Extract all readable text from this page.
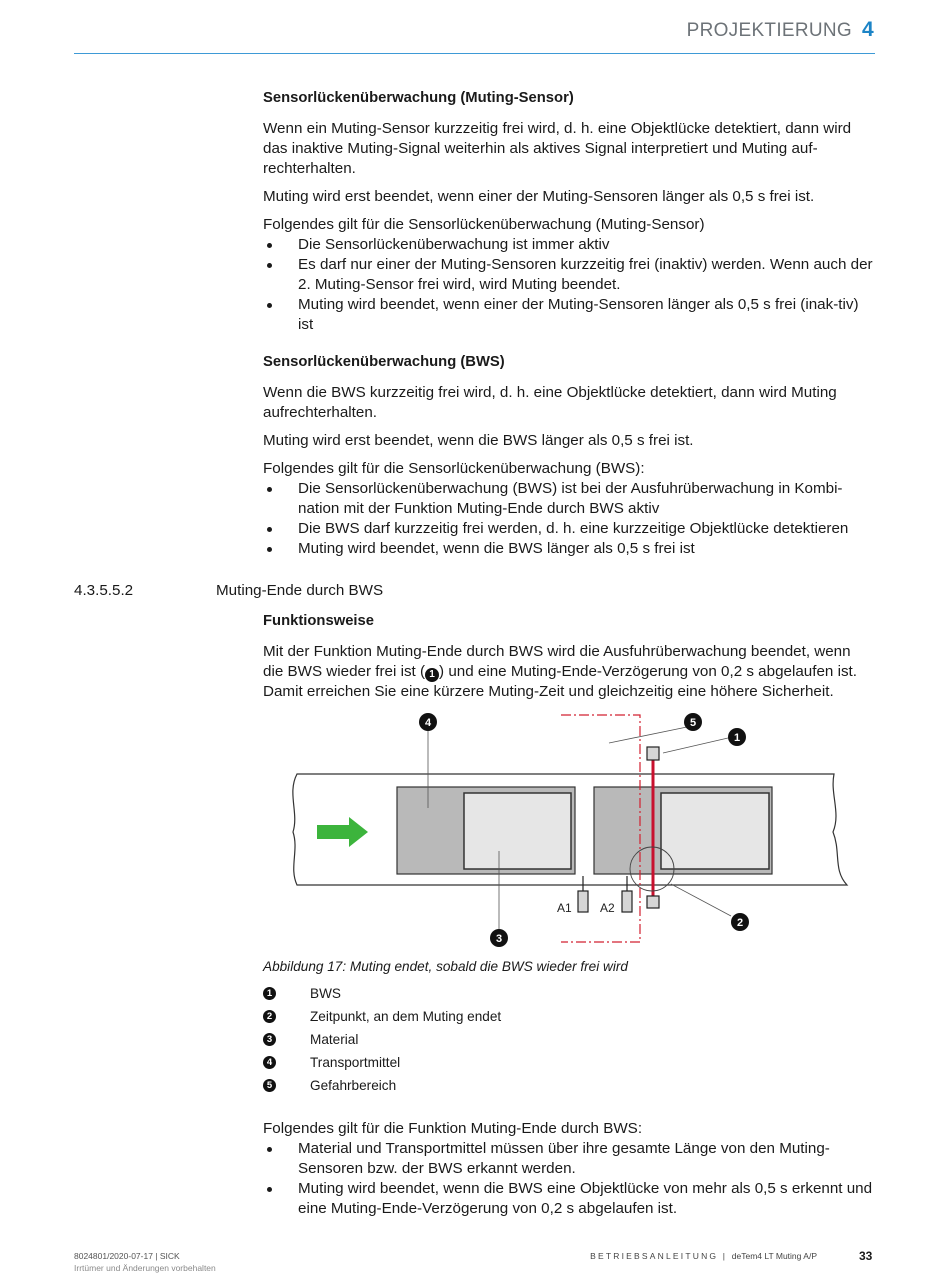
PROJEKTIERUNG 4

Sensorlückenüberwachung (Muting-Sensor)

Wenn ein Muting-Sensor kurzzeitig frei wird, d. h. eine Objektlücke detektiert, dann wird das inaktive Muting-Signal weiterhin als aktives Signal interpretiert und Muting auf-rechterhalten.

Muting wird erst beendet, wenn einer der Muting-Sensoren länger als 0,5 s frei ist.

Folgendes gilt für die Sensorlückenüberwachung (Muting-Sensor)

Die Sensorlückenüberwachung ist immer aktiv
Es darf nur einer der Muting-Sensoren kurzzeitig frei (inaktiv) werden. Wenn auch der 2. Muting-Sensor frei wird, wird Muting beendet.
Muting wird beendet, wenn einer der Muting-Sensoren länger als 0,5 s frei (inak-tiv) ist

Sensorlückenüberwachung (BWS)

Wenn die BWS kurzzeitig frei wird, d. h. eine Objektlücke detektiert, dann wird Muting aufrechterhalten.

Muting wird erst beendet, wenn die BWS länger als 0,5 s frei ist.

Folgendes gilt für die Sensorlückenüberwachung (BWS):

Die Sensorlückenüberwachung (BWS) ist bei der Ausfuhrüberwachung in Kombi-nation mit der Funktion Muting-Ende durch BWS aktiv
Die BWS darf kurzzeitig frei werden, d. h. eine kurzzeitige Objektlücke detektieren
Muting wird beendet, wenn die BWS länger als 0,5 s frei ist
4.3.5.5.2	Muting-Ende durch BWS

Funktionsweise

Mit der Funktion Muting-Ende durch BWS wird die Ausfuhrüberwachung beendet, wenn die BWS wieder frei ist ( 1 ) und eine Muting-Ende-Verzögerung von 0,2 s abgelaufen ist. Damit erreichen Sie eine kürzere Muting-Zeit und gleichzeitig eine höhere Sicherheit.

A1 A2
4	5
1
2
3
Abbildung 17: Muting endet, sobald die BWS wieder frei wird
1	BWS
2	Zeitpunkt, an dem Muting endet
3	Material
4	Transportmittel
5	Gefahrbereich

Folgendes gilt für die Funktion Muting-Ende durch BWS:

Material und Transportmittel müssen über ihre gesamte Länge von den Muting-Sensoren bzw. der BWS erkannt werden.
Muting wird beendet, wenn die BWS eine Objektlücke von mehr als 0,5 s erkennt und eine Muting-Ende-Verzögerung von 0,2 s abgelaufen ist.
8024801/2020-07-17 | SICK
Irrtümer und Änderungen vorbehalten
BETRIEBSANLEITUNG | deTem4 LT Muting A/P	33
